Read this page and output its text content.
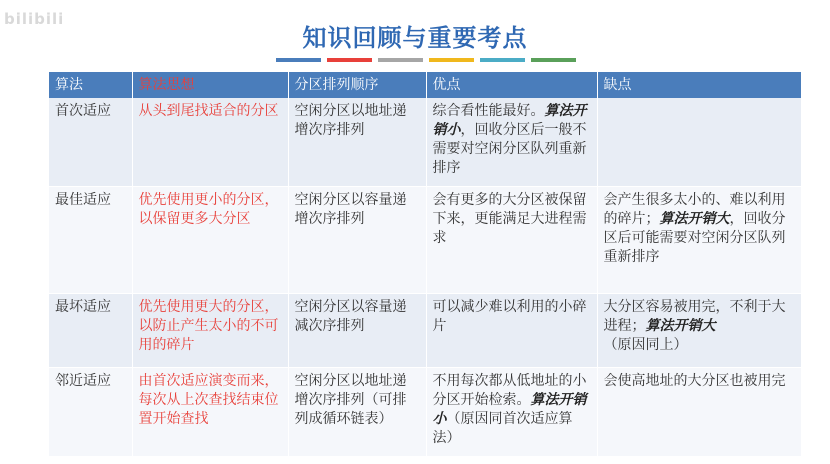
bilibili
知识回顾与重要考点
算法	算法思想	分区排列顺序	优点	缺点
首次适应	从头到尾找适合的分区	空闲分区以地址递增次序排列	综合看性能最好。算法开销小，回收分区后一般不需要对空闲分区队列重新排序	
最佳适应	优先使用更小的分区，以保留更多大分区	空闲分区以容量递增次序排列	会有更多的大分区被保留下来，更能满足大进程需求	会产生很多太小的、难以利用的碎片；算法开销大，回收分区后可能需要对空闲分区队列重新排序
最坏适应	优先使用更大的分区，以防止产生太小的不可用的碎片	空闲分区以容量递减次序排列	可以减少难以利用的小碎片	大分区容易被用完，不利于大进程；算法开销大（原因同上）
邻近适应	由首次适应演变而来，每次从上次查找结束位置开始查找	空闲分区以地址递增次序排列（可排列成循环链表）	不用每次都从低地址的小分区开始检索。算法开销小（原因同首次适应算法）	会使高地址的大分区也被用完
